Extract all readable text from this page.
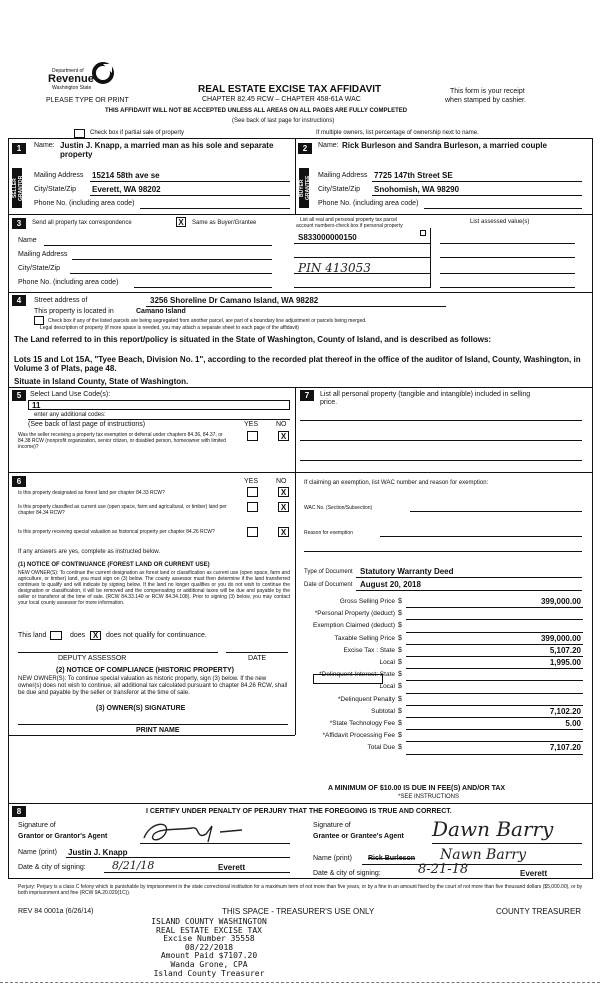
Department of
Revenue
Washington State	REAL ESTATE EXCISE TAX AFFIDAVIT
CHAPTER 82.45 RCW – CHAPTER 458-61A WAC
PLEASE TYPE OR PRINT
This form is your receipt
when stamped by cashier.
THIS AFFIDAVIT WILL NOT BE ACCEPTED UNLESS ALL AREAS ON ALL PAGES ARE FULLY COMPLETED
(See back of last page for instructions)
Check box if partial sale of property	If multiple owners, list percentage of ownership next to name.
1	2
Name: Justin J. Knapp, a married man as his sole and separate property
SELLER GRANTOR Mailing Address 15214 58th ave se
City/State/Zip Everett, WA 98202
Phone No. (including area code)
Name: Rick Burleson and Sandra Burleson, a married couple
BUYER GRANTEE
Mailing Address 7725 147th Street SE
City/State/Zip Snohomish, WA 98290
Phone No. (including area code)
3	Send all property tax correspondence	X	Same as Buyer/Grantee
Name
Mailing Address
City/State/Zip
Phone No. (including area code)
List all real and personal property tax parcel
account numbers-check box if personal property
List assessed value(s)
S833000000150
PIN 413053
4	Street address of	3256 Shoreline Dr Camano Island, WA 98282
This property is located in	Camano Island
Check box if any of the listed parcels are being segregated from another parcel, are part of a boundary line adjustment or parcels being merged.
Legal description of property (if more space is needed, you may attach a separate sheet to each page of the affidavit)
The Land referred to in this report/policy is situated in the State of Washington, County of Island, and is described as follows:
Lots 15 and Lot 15A, "Tyee Beach, Division No. 1", according to the recorded plat thereof in the office of the auditor of Island, County, Washington, in Volume 3 of Plats, page 48.
Situate in Island County, State of Washington.
5	Select Land Use Code(s):
11
enter any additional codes:
(See back of last page of instructions)	YES	NO
Was the seller receiving a property tax exemption or deferral under chapters 84.36, 84.37, or 84.38 RCW (nonprofit organization, senior citizen, or disabled person, homeowner with limited income)?
X
7	List all personal property (tangible and intangible) included in selling price.
6	YES	NO
Is this property designated as forest land per chapter 84.33 RCW?	X
Is this property classified as current use (open space, farm and agricultural, or timber) land per chapter 84.34 RCW?
X
Is this property receiving special valuation as historical property per chapter 84.26 RCW?	X
If any answers are yes, complete as instructed below.
(1) NOTICE OF CONTINUANCE (FOREST LAND OR CURRENT USE)
NEW OWNER(S): To continue the current designation as forest land or classification as current use (open space, farm and agriculture, or timber) land, you must sign on (3) below. The county assessor must then determine if the land transferred continues to qualify and will indicate by signing below. If the land no longer qualifies or you do not wish to continue the designation or classification, it will be removed and the compensating or additional taxes will be due and payable by the seller or transferor at the time of sale. (RCW 84.33.140 or RCW 84.34.108). Prior to signing (3) below, you may contact your local county assessor for more information.
This land	does X	does not qualify for continuance.
DEPUTY ASSESSOR	DATE
(2) NOTICE OF COMPLIANCE (HISTORIC PROPERTY)
NEW OWNER(S): To continue special valuation as historic property, sign (3) below. If the new owner(s) does not wish to continue, all additional tax calculated pursuant to chapter 84.26 RCW, shall be due and payable by the seller or transferor at the time of sale.
(3) OWNER(S) SIGNATURE
PRINT NAME
If claiming an exemption, list WAC number and reason for exemption:
WAC No. (Section/Subsection)
Reason for exemption
Type of Document Statutory Warranty Deed
Date of Document August 20, 2018
Gross Selling Price $	399,000.00
*Personal Property (deduct) $
Exemption Claimed (deduct) $
Taxable Selling Price $	399,000.00
Excise Tax : State $	5,107.20
Local $	1,995.00
*Delinquent Interest: State $
Local $
*Delinquent Penalty $
Subtotal $	7,102.20
*State Technology Fee $	5.00
*Affidavit Processing Fee $
Total Due $	7,107.20
A MINIMUM OF $10.00 IS DUE IN FEE(S) AND/OR TAX
*SEE INSTRUCTIONS
8	I CERTIFY UNDER PENALTY OF PERJURY THAT THE FOREGOING IS TRUE AND CORRECT.
Signature of
Grantor or Grantor's Agent
Name (print) Justin J. Knapp
Date & city of signing: 8/21/18	Everett
Signature of
Grantee or Grantee's Agent Dawn Barry
Name (print) Rick Burleson Nawn Barry
Date & city of signing:	8-21-18	Everett
Perjury: Perjury is a class C felony which is punishable by imprisonment in the state correctional institution for a maximum term of not more than five years, or by a fine in an amount fixed by the court of not more than five thousand dollars ($5,000.00), or by both imprisonment and fine (RCW 9A.20.020(1C)).
REV 84 0001a (6/26/14)	THIS SPACE - TREASURER'S USE ONLY	COUNTY TREASURER
ISLAND COUNTY WASHINGTON
REAL ESTATE EXCISE TAX
Excise Number 35558
08/22/2018
Amount Paid $7107.20
Wanda Grone, CPA
Island County Treasurer
